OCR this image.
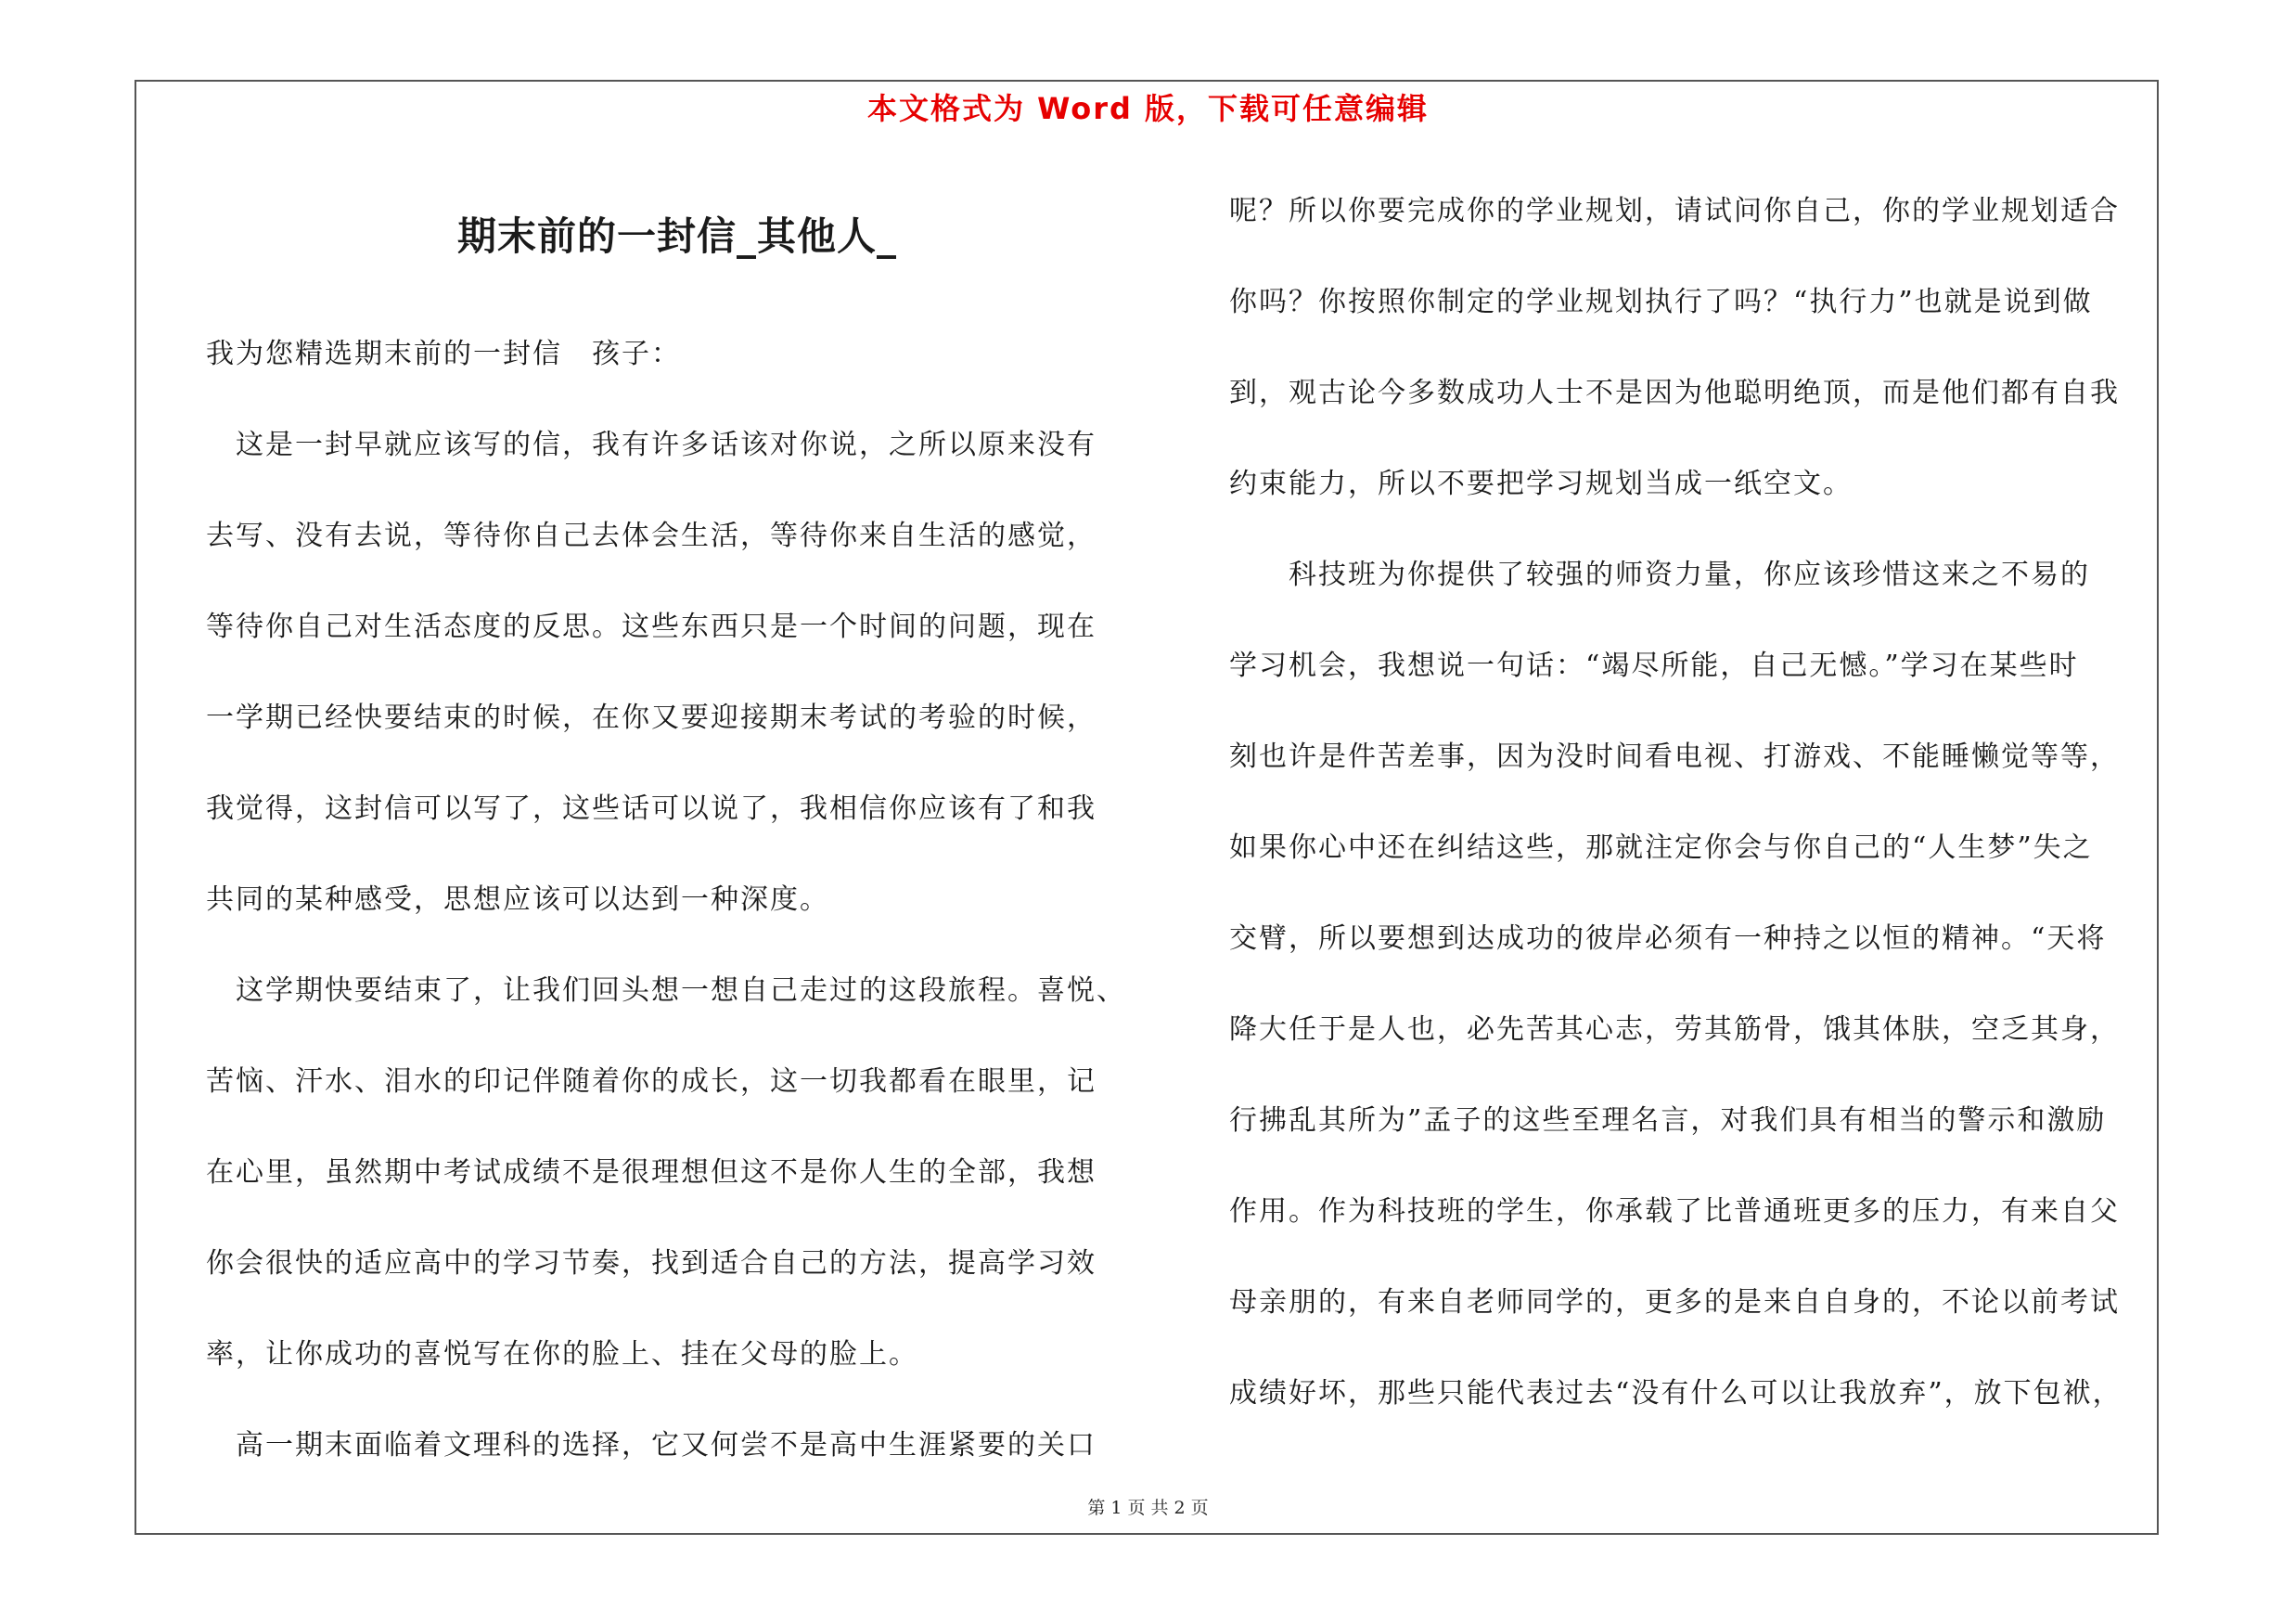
本文格式为 Word 版，下载可任意编辑
期末前的一封信_其他人_
我为您精选期末前的一封信　孩子：
　这是一封早就应该写的信，我有许多话该对你说，之所以原来没有
去写、没有去说，等待你自己去体会生活，等待你来自生活的感觉，
等待你自己对生活态度的反思。这些东西只是一个时间的问题，现在
一学期已经快要结束的时候，在你又要迎接期末考试的考验的时候，
我觉得，这封信可以写了，这些话可以说了，我相信你应该有了和我
共同的某种感受，思想应该可以达到一种深度。
　这学期快要结束了，让我们回头想一想自己走过的这段旅程。喜悦、
苦恼、汗水、泪水的印记伴随着你的成长，这一切我都看在眼里，记
在心里，虽然期中考试成绩不是很理想但这不是你人生的全部，我想
你会很快的适应高中的学习节奏，找到适合自己的方法，提高学习效
率，让你成功的喜悦写在你的脸上、挂在父母的脸上。
　高一期末面临着文理科的选择，它又何尝不是高中生涯紧要的关口
呢？所以你要完成你的学业规划，请试问你自己，你的学业规划适合
你吗？你按照你制定的学业规划执行了吗？“执行力”也就是说到做
到，观古论今多数成功人士不是因为他聪明绝顶，而是他们都有自我
约束能力，所以不要把学习规划当成一纸空文。
　　科技班为你提供了较强的师资力量，你应该珍惜这来之不易的
学习机会，我想说一句话：“竭尽所能，自己无憾。”学习在某些时
刻也许是件苦差事，因为没时间看电视、打游戏、不能睡懒觉等等，
如果你心中还在纠结这些，那就注定你会与你自己的“人生梦”失之
交臂，所以要想到达成功的彼岸必须有一种持之以恒的精神。“天将
降大任于是人也，必先苦其心志，劳其筋骨，饿其体肤，空乏其身，
行拂乱其所为”孟子的这些至理名言，对我们具有相当的警示和激励
作用。作为科技班的学生，你承载了比普通班更多的压力，有来自父
母亲朋的，有来自老师同学的，更多的是来自自身的，不论以前考试
成绩好坏，那些只能代表过去“没有什么可以让我放弃”，放下包袱，
第 1 页 共 2 页
